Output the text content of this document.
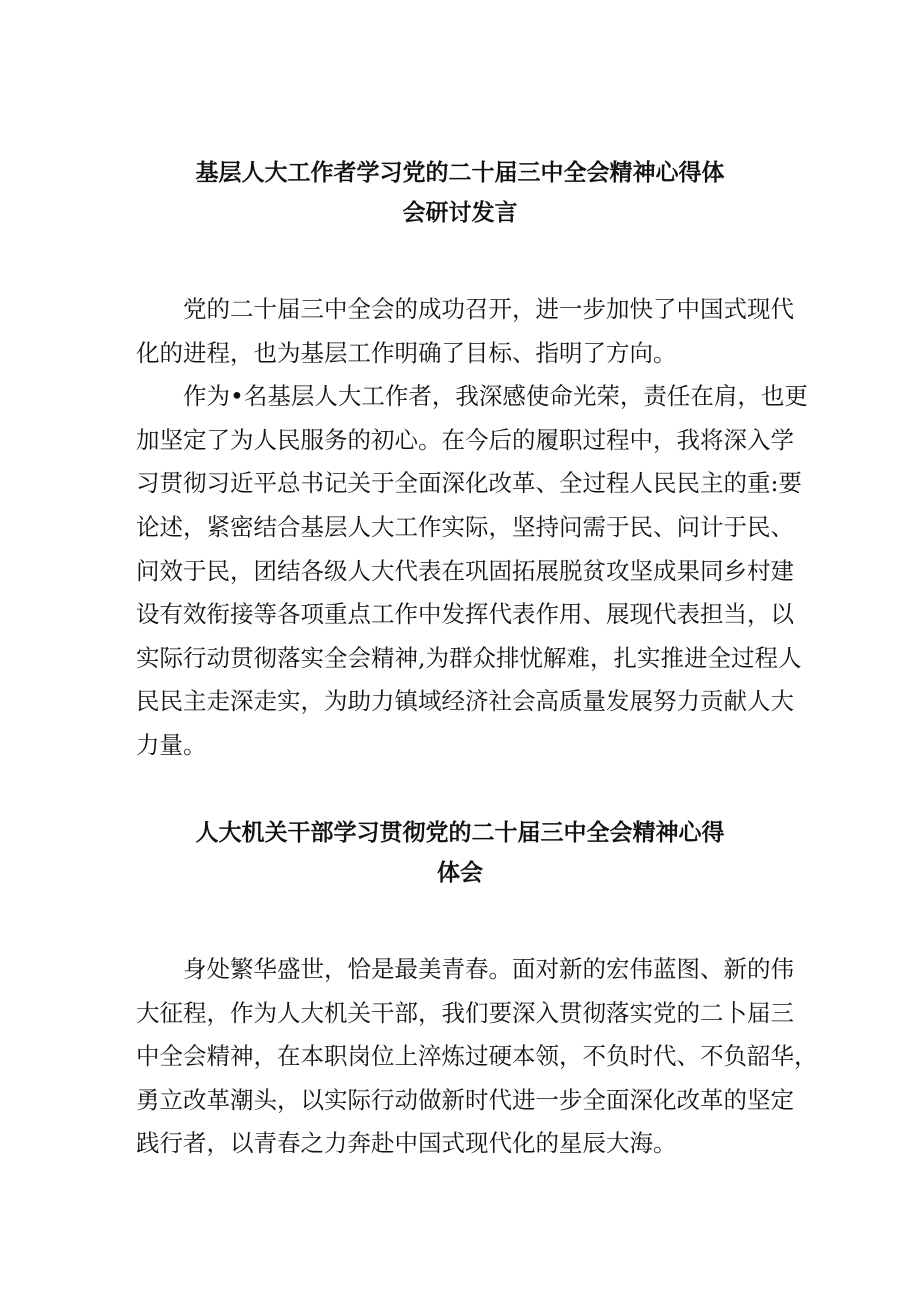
基层人大工作者学习党的二十届三中全会精神心得体
会研讨发言

党的二十届三中全会的成功召开，进一步加快了中国式现代
化的进程，也为基层工作明确了目标、指明了方向。

作为•名基层人大工作者，我深感使命光荣，责任在肩，也更
加坚定了为人民服务的初心。在今后的履职过程中，我将深入学
习贯彻习近平总书记关于全面深化改革、全过程人民民主的重:要
论述，紧密结合基层人大工作实际，坚持问需于民、问计于民、
问效于民，团结各级人大代表在巩固拓展脱贫攻坚成果同乡村建
设有效衔接等各项重点工作中发挥代表作用、展现代表担当，以
实际行动贯彻落实全会精神,为群众排忧解难，扎实推进全过程人
民民主走深走实，为助力镇域经济社会高质量发展努力贡献人大
力量。

人大机关干部学习贯彻党的二十届三中全会精神心得
体会

身处繁华盛世，恰是最美青春。面对新的宏伟蓝图、新的伟
大征程，作为人大机关干部，我们要深入贯彻落实党的二卜届三
中全会精神，在本职岗位上淬炼过硬本领，不负时代、不负韶华，
勇立改革潮头，以实际行动做新时代进一步全面深化改革的坚定
践行者，以青春之力奔赴中国式现代化的星辰大海。
